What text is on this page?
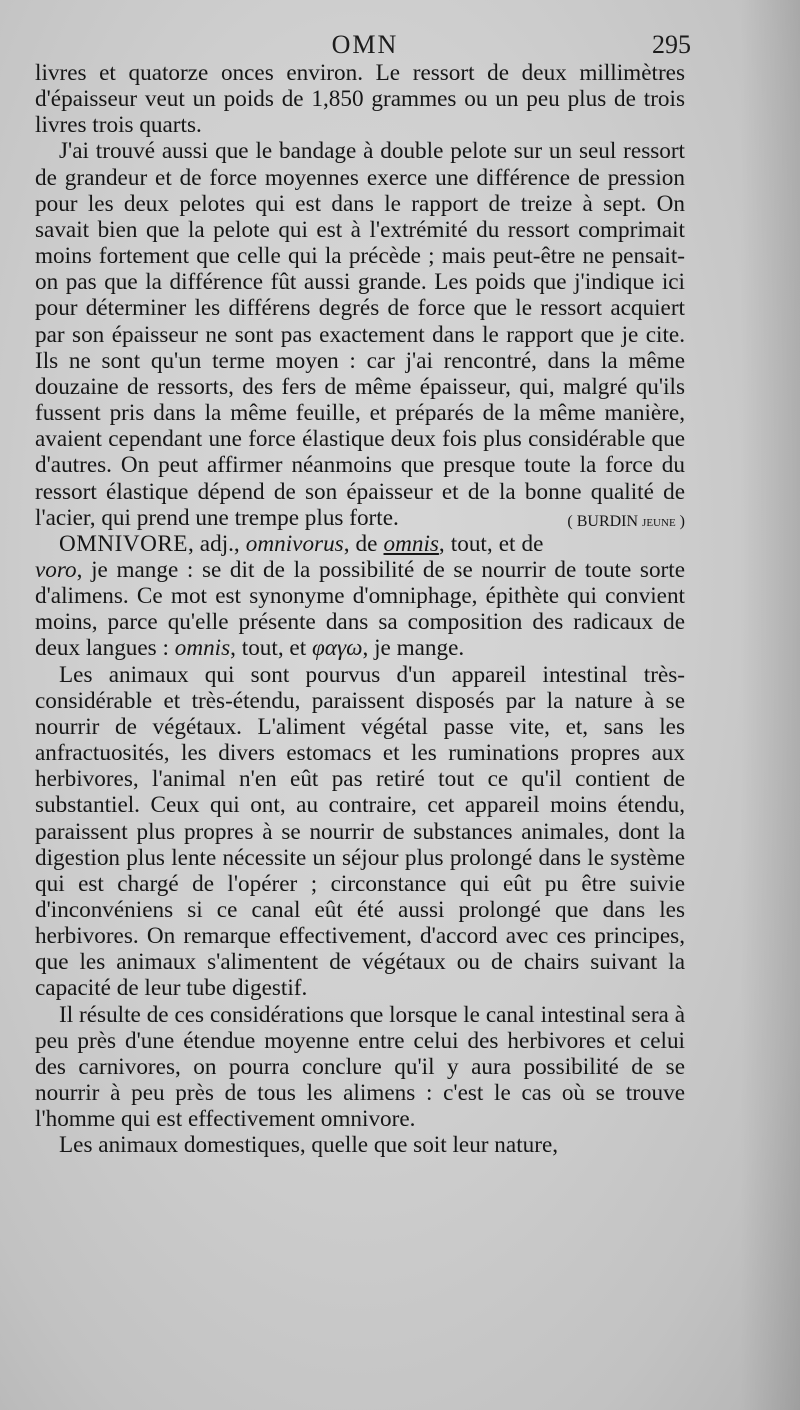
OMN	295

livres et quatorze onces environ. Le ressort de deux millimètres d'épaisseur veut un poids de 1,850 grammes ou un peu plus de trois livres trois quarts.

J'ai trouvé aussi que le bandage à double pelote sur un seul ressort de grandeur et de force moyennes exerce une différence de pression pour les deux pelotes qui est dans le rapport de treize à sept. On savait bien que la pelote qui est à l'extrémité du ressort comprimait moins fortement que celle qui la précède ; mais peut-être ne pensait-on pas que la différence fût aussi grande. Les poids que j'indique ici pour déterminer les différens degrés de force que le ressort acquiert par son épaisseur ne sont pas exactement dans le rapport que je cite. Ils ne sont qu'un terme moyen : car j'ai rencontré, dans la même douzaine de ressorts, des fers de même épaisseur, qui, malgré qu'ils fussent pris dans la même feuille, et préparés de la même manière, avaient cependant une force élastique deux fois plus considérable que d'autres. On peut affirmer néanmoins que presque toute la force du ressort élastique dépend de son épaisseur et de la bonne qualité de l'acier, qui prend une trempe plus forte.	( BURDIN jeune )

OMNIVORE, adj., omnivorus, de omnis, tout, et de voro, je mange : se dit de la possibilité de se nourrir de toute sorte d'alimens. Ce mot est synonyme d'omniphage, épithète qui convient moins, parce qu'elle présente dans sa composition des radicaux de deux langues : omnis, tout, et φαγω, je mange.

Les animaux qui sont pourvus d'un appareil intestinal très-considérable et très-étendu, paraissent disposés par la nature à se nourrir de végétaux. L'aliment végétal passe vite, et, sans les anfractuosités, les divers estomacs et les ruminations propres aux herbivores, l'animal n'en eût pas retiré tout ce qu'il contient de substantiel. Ceux qui ont, au contraire, cet appareil moins étendu, paraissent plus propres à se nourrir de substances animales, dont la digestion plus lente nécessite un séjour plus prolongé dans le système qui est chargé de l'opérer ; circonstance qui eût pu être suivie d'inconvéniens si ce canal eût été aussi prolongé que dans les herbivores. On remarque effectivement, d'accord avec ces principes, que les animaux s'alimentent de végétaux ou de chairs suivant la capacité de leur tube digestif.

Il résulte de ces considérations que lorsque le canal intestinal sera à peu près d'une étendue moyenne entre celui des herbivores et celui des carnivores, on pourra conclure qu'il y aura possibilité de se nourrir à peu près de tous les alimens : c'est le cas où se trouve l'homme qui est effectivement omnivore.

Les animaux domestiques, quelle que soit leur nature,
